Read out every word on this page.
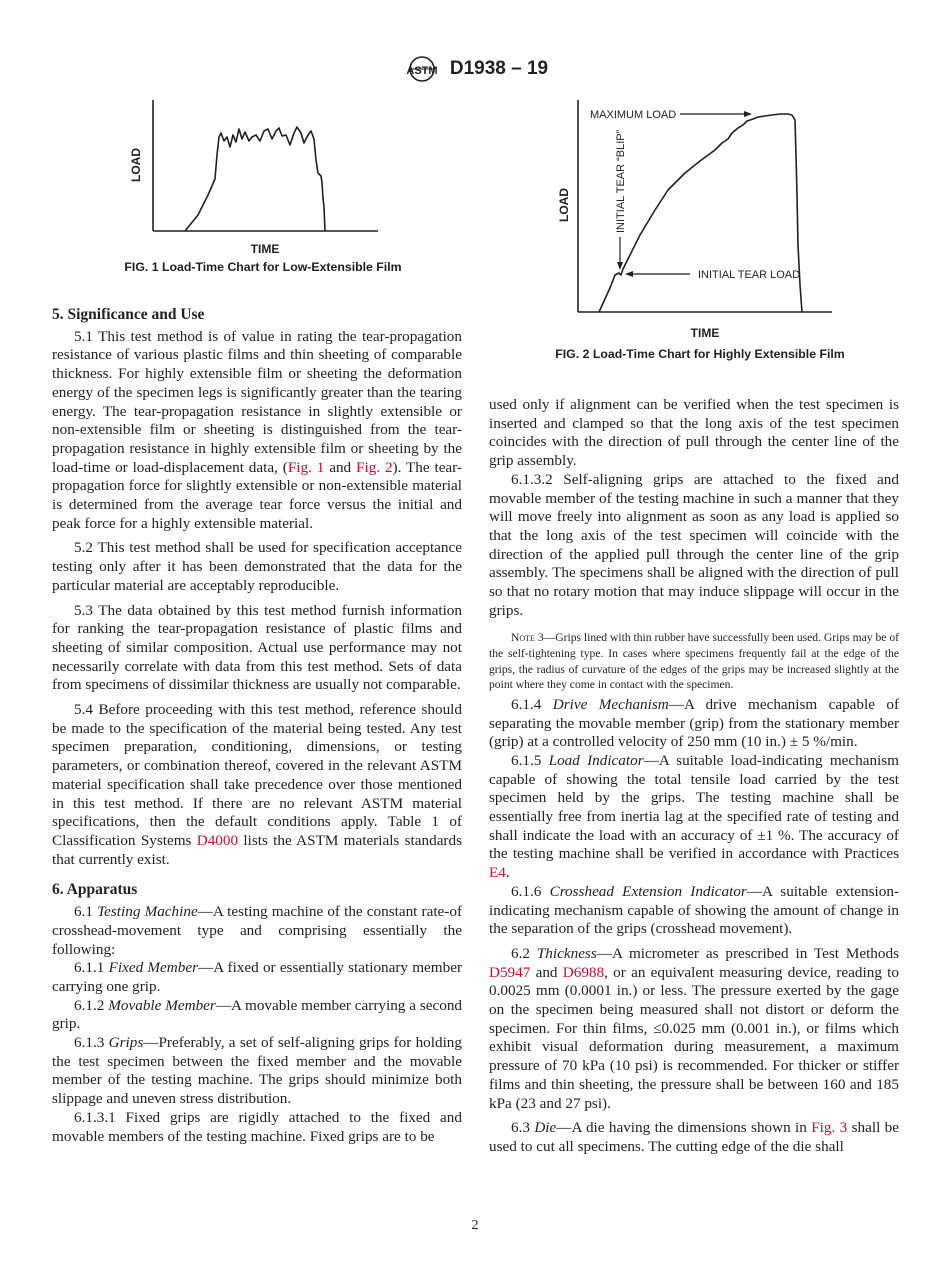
ASTM D1938 – 19
LOAD
TIME
FIG. 1 Load-Time Chart for Low-Extensible Film
MAXIMUM LOAD
INITIAL TEAR “BLIP”
INITIAL TEAR LOAD
LOAD
TIME
FIG. 2 Load-Time Chart for Highly Extensible Film
5. Significance and Use

5.1 This test method is of value in rating the tear-propagation resistance of various plastic films and thin sheeting of comparable thickness. For highly extensible film or sheeting the deformation energy of the specimen legs is significantly greater than the tearing energy. The tear-propagation resistance in slightly extensible or non-extensible film or sheeting is distinguished from the tear-propagation resistance in highly extensible film or sheeting by the load-time or load-displacement data, (Fig. 1 and Fig. 2). The tear-propagation force for slightly extensible or non-extensible material is determined from the average tear force versus the initial and peak force for a highly extensible material.

5.2 This test method shall be used for specification acceptance testing only after it has been demonstrated that the data for the particular material are acceptably reproducible.

5.3 The data obtained by this test method furnish information for ranking the tear-propagation resistance of plastic films and sheeting of similar composition. Actual use performance may not necessarily correlate with data from this test method. Sets of data from specimens of dissimilar thickness are usually not comparable.

5.4 Before proceeding with this test method, reference should be made to the specification of the material being tested. Any test specimen preparation, conditioning, dimensions, or testing parameters, or combination thereof, covered in the relevant ASTM material specification shall take precedence over those mentioned in this test method. If there are no relevant ASTM material specifications, then the default conditions apply. Table 1 of Classification Systems D4000 lists the ASTM materials standards that currently exist.

6. Apparatus

6.1 Testing Machine—A testing machine of the constant rate-of crosshead-movement type and comprising essentially the following:

6.1.1 Fixed Member—A fixed or essentially stationary member carrying one grip.

6.1.2 Movable Member—A movable member carrying a second grip.

6.1.3 Grips—Preferably, a set of self-aligning grips for holding the test specimen between the fixed member and the movable member of the testing machine. The grips should minimize both slippage and uneven stress distribution.

6.1.3.1 Fixed grips are rigidly attached to the fixed and movable members of the testing machine. Fixed grips are to be

used only if alignment can be verified when the test specimen is inserted and clamped so that the long axis of the test specimen coincides with the direction of pull through the center line of the grip assembly.

6.1.3.2 Self-aligning grips are attached to the fixed and movable member of the testing machine in such a manner that they will move freely into alignment as soon as any load is applied so that the long axis of the test specimen will coincide with the direction of the applied pull through the center line of the grip assembly. The specimens shall be aligned with the direction of pull so that no rotary motion that may induce slippage will occur in the grips.

Note 3—Grips lined with thin rubber have successfully been used. Grips may be of the self-tightening type. In cases where specimens frequently fail at the edge of the grips, the radius of curvature of the edges of the grips may be increased slightly at the point where they come in contact with the specimen.

6.1.4 Drive Mechanism—A drive mechanism capable of separating the movable member (grip) from the stationary member (grip) at a controlled velocity of 250 mm (10 in.) ± 5 %/min.

6.1.5 Load Indicator—A suitable load-indicating mechanism capable of showing the total tensile load carried by the test specimen held by the grips. The testing machine shall be essentially free from inertia lag at the specified rate of testing and shall indicate the load with an accuracy of ±1 %. The accuracy of the testing machine shall be verified in accordance with Practices E4.

6.1.6 Crosshead Extension Indicator—A suitable extension-indicating mechanism capable of showing the amount of change in the separation of the grips (crosshead movement).

6.2 Thickness—A micrometer as prescribed in Test Methods D5947 and D6988, or an equivalent measuring device, reading to 0.0025 mm (0.0001 in.) or less. The pressure exerted by the gage on the specimen being measured shall not distort or deform the specimen. For thin films, ≤0.025 mm (0.001 in.), or films which exhibit visual deformation during measurement, a maximum pressure of 70 kPa (10 psi) is recommended. For thicker or stiffer films and thin sheeting, the pressure shall be between 160 and 185 kPa (23 and 27 psi).

6.3 Die—A die having the dimensions shown in Fig. 3 shall be used to cut all specimens. The cutting edge of the die shall

2
